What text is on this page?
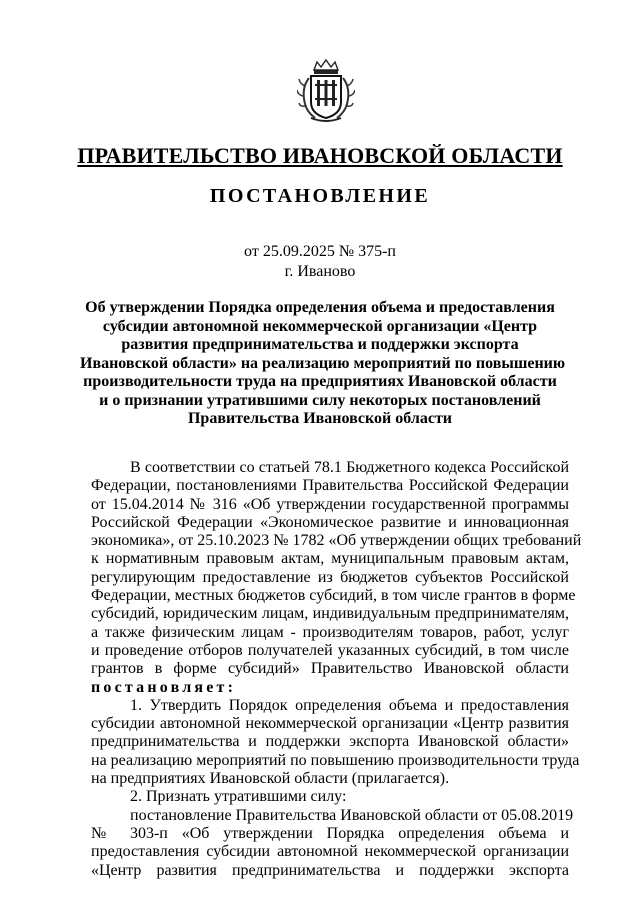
ПРАВИТЕЛЬСТВО ИВАНОВСКОЙ ОБЛАСТИ
ПОСТАНОВЛЕНИЕ
от 25.09.2025 № 375-п
г. Иваново
Об утверждении Порядка определения объема и предоставления
субсидии автономной некоммерческой организации «Центр
развития предпринимательства и поддержки экспорта
Ивановской области» на реализацию мероприятий по повышению
производительности труда на предприятиях Ивановской области
и о признании утратившими силу некоторых постановлений
Правительства Ивановской области
В соответствии со статьей 78.1 Бюджетного кодекса Российской
Федерации, постановлениями Правительства Российской Федерации
от 15.04.2014 № 316 «Об утверждении государственной программы
Российской Федерации «Экономическое развитие и инновационная
экономика», от 25.10.2023 № 1782 «Об утверждении общих требований
к нормативным правовым актам, муниципальным правовым актам,
регулирующим предоставление из бюджетов субъектов Российской
Федерации, местных бюджетов субсидий, в том числе грантов в форме
субсидий, юридическим лицам, индивидуальным предпринимателям,
а также физическим лицам - производителям товаров, работ, услуг
и проведение отборов получателей указанных субсидий, в том числе
грантов в форме субсидий» Правительство Ивановской области
постановляет:
1. Утвердить Порядок определения объема и предоставления
субсидии автономной некоммерческой организации «Центр развития
предпринимательства и поддержки экспорта Ивановской области»
на реализацию мероприятий по повышению производительности труда
на предприятиях Ивановской области (прилагается).
2. Признать утратившими силу:
постановление Правительства Ивановской области от 05.08.2019
№ 303-п «Об утверждении Порядка определения объема и
предоставления субсидии автономной некоммерческой организации
«Центр развития предпринимательства и поддержки экспорта
